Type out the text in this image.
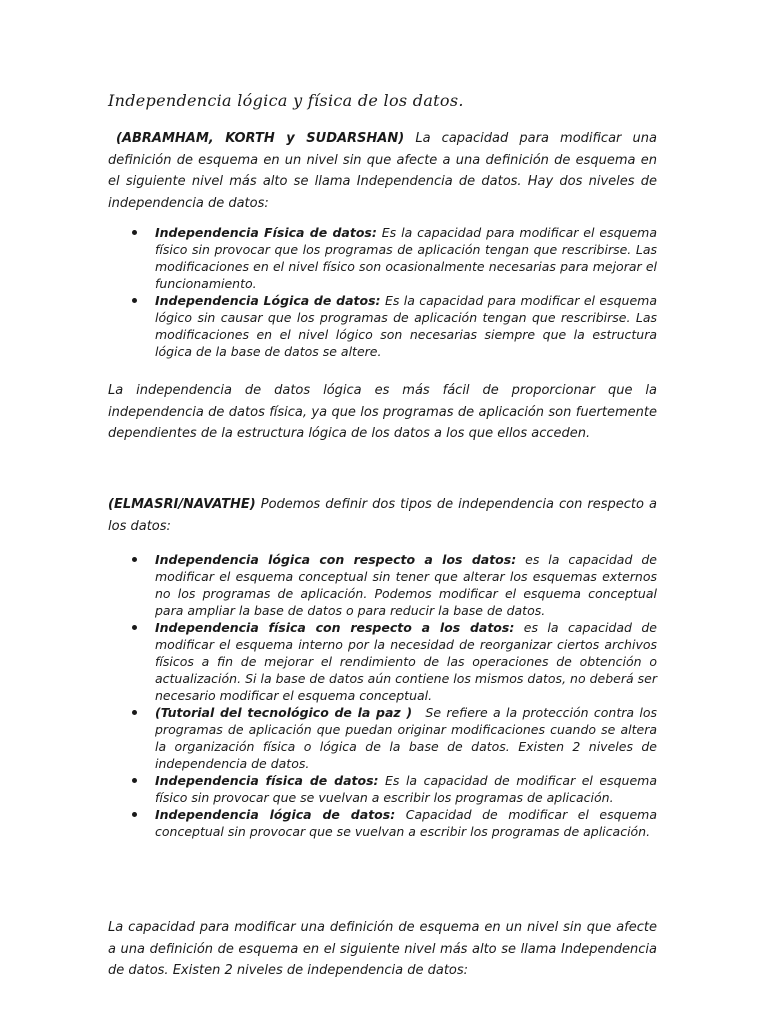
Independencia lógica y física de los datos.

(ABRAMHAM, KORTH y SUDARSHAN) La capacidad para modificar una definición de esquema en un nivel sin que afecte a una definición de esquema en el siguiente nivel más alto se llama Independencia de datos. Hay dos niveles de independencia de datos:

Independencia Física de datos: Es la capacidad para modificar el esquema físico sin provocar que los programas de aplicación tengan que rescribirse. Las modificaciones en el nivel físico son ocasionalmente necesarias para mejorar el funcionamiento.
Independencia Lógica de datos: Es la capacidad para modificar el esquema lógico sin causar que los programas de aplicación tengan que rescribirse. Las modificaciones en el nivel lógico son necesarias siempre que la estructura lógica de la base de datos se altere.

La independencia de datos lógica es más fácil de proporcionar que la independencia de datos física, ya que los programas de aplicación son fuertemente dependientes de la estructura lógica de los datos a los que ellos acceden.

(ELMASRI/NAVATHE) Podemos definir dos tipos de independencia con respecto a los datos:

Independencia lógica con respecto a los datos: es la capacidad de modificar el esquema conceptual sin tener que alterar los esquemas externos no los programas de aplicación. Podemos modificar el esquema conceptual para ampliar la base de datos o para reducir la base de datos.
Independencia física con respecto a los datos: es la capacidad de modificar el esquema interno por la necesidad de reorganizar ciertos archivos físicos a fin de mejorar el rendimiento de las operaciones de obtención o actualización. Si la base de datos aún contiene los mismos datos, no deberá ser necesario modificar el esquema conceptual.
(Tutorial del tecnológico de la paz ) Se refiere a la protección contra los programas de aplicación que puedan originar modificaciones cuando se altera la organización física o lógica de la base de datos. Existen 2 niveles de independencia de datos.
Independencia física de datos: Es la capacidad de modificar el esquema físico sin provocar que se vuelvan a escribir los programas de aplicación.
Independencia lógica de datos: Capacidad de modificar el esquema conceptual sin provocar que se vuelvan a escribir los programas de aplicación.

La capacidad para modificar una definición de esquema en un nivel sin que afecte a una definición de esquema en el siguiente nivel más alto se llama Independencia de datos. Existen 2 niveles de independencia de datos:
